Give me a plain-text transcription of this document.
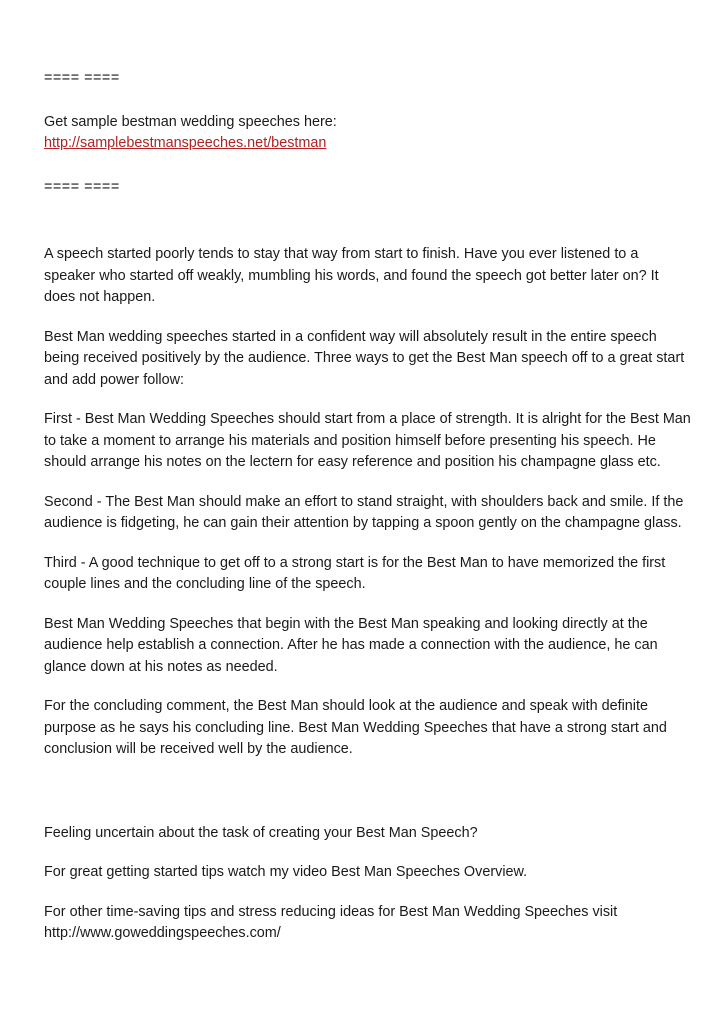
==== ====

Get sample bestman wedding speeches here:

http://samplebestmanspeeches.net/bestman

==== ====

A speech started poorly tends to stay that way from start to finish. Have you ever listened to a speaker who started off weakly, mumbling his words, and found the speech got better later on? It does not happen.

Best Man wedding speeches started in a confident way will absolutely result in the entire speech being received positively by the audience. Three ways to get the Best Man speech off to a great start and add power follow:

First - Best Man Wedding Speeches should start from a place of strength. It is alright for the Best Man to take a moment to arrange his materials and position himself before presenting his speech. He should arrange his notes on the lectern for easy reference and position his champagne glass etc.

Second - The Best Man should make an effort to stand straight, with shoulders back and smile. If the audience is fidgeting, he can gain their attention by tapping a spoon gently on the champagne glass.

Third - A good technique to get off to a strong start is for the Best Man to have memorized the first couple lines and the concluding line of the speech.

Best Man Wedding Speeches that begin with the Best Man speaking and looking directly at the audience help establish a connection. After he has made a connection with the audience, he can glance down at his notes as needed.

For the concluding comment, the Best Man should look at the audience and speak with definite purpose as he says his concluding line. Best Man Wedding Speeches that have a strong start and conclusion will be received well by the audience.

Feeling uncertain about the task of creating your Best Man Speech?

For great getting started tips watch my video Best Man Speeches Overview.

For other time-saving tips and stress reducing ideas for Best Man Wedding Speeches visit

http://www.goweddingspeeches.com/
